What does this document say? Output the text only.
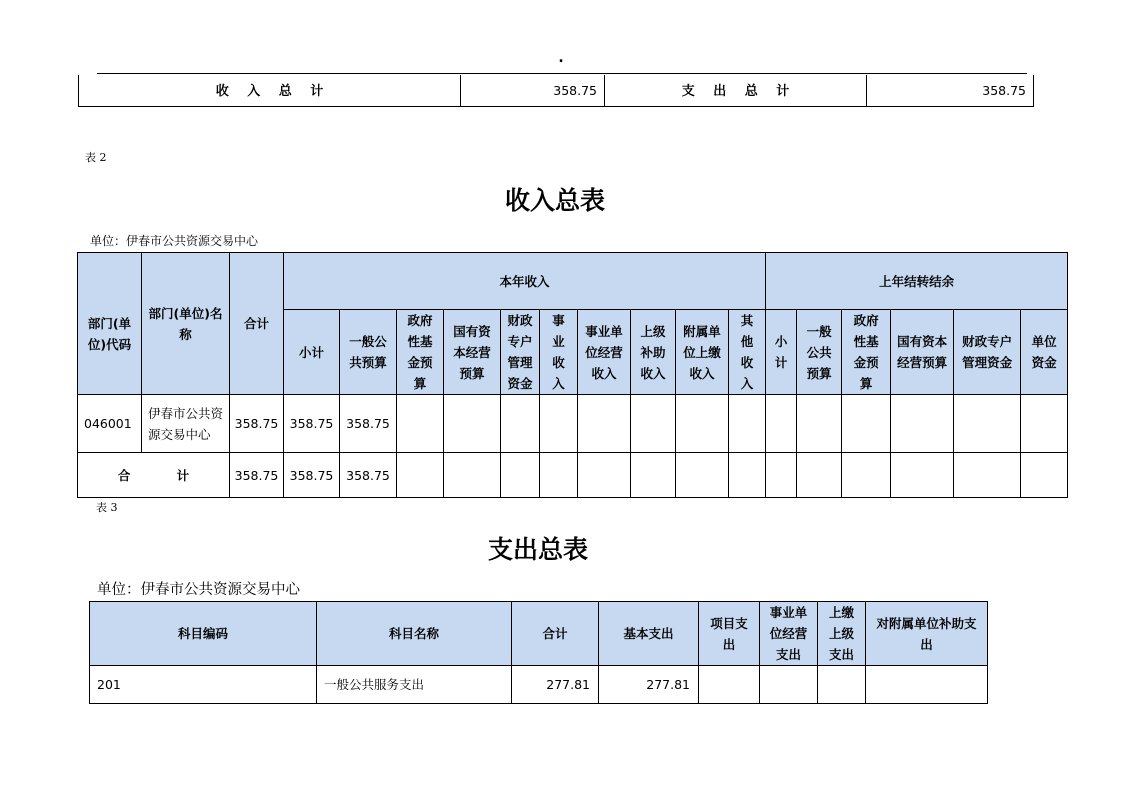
.
收 入 总 计	358.75	支 出 总 计	358.75
表 2
收入总表
单位：伊春市公共资源交易中心
部门(单位)代码	部门(单位)名称	合计	本年收入										上年结转结余					

			小计	一般公共预算	政府性基金预算	国有资本经营预算	财政专户管理资金	事业收入	事业单位经营收入	上级补助收入	附属单位上缴收入	其他收入	小计	一般公共预算	政府性基金预算	国有资本经营预算	财政专户管理资金	单位资金

046001	伊春市公共资源交易中心	358.75	358.75	358.75														
合 计		358.75	358.75	358.75														
表 3
支出总表
单位：伊春市公共资源交易中心
科目编码	科目名称	合计	基本支出	项目支出	事业单位经营支出	上缴上级支出	对附属单位补助支出

201	一般公共服务支出	277.81	277.81				
